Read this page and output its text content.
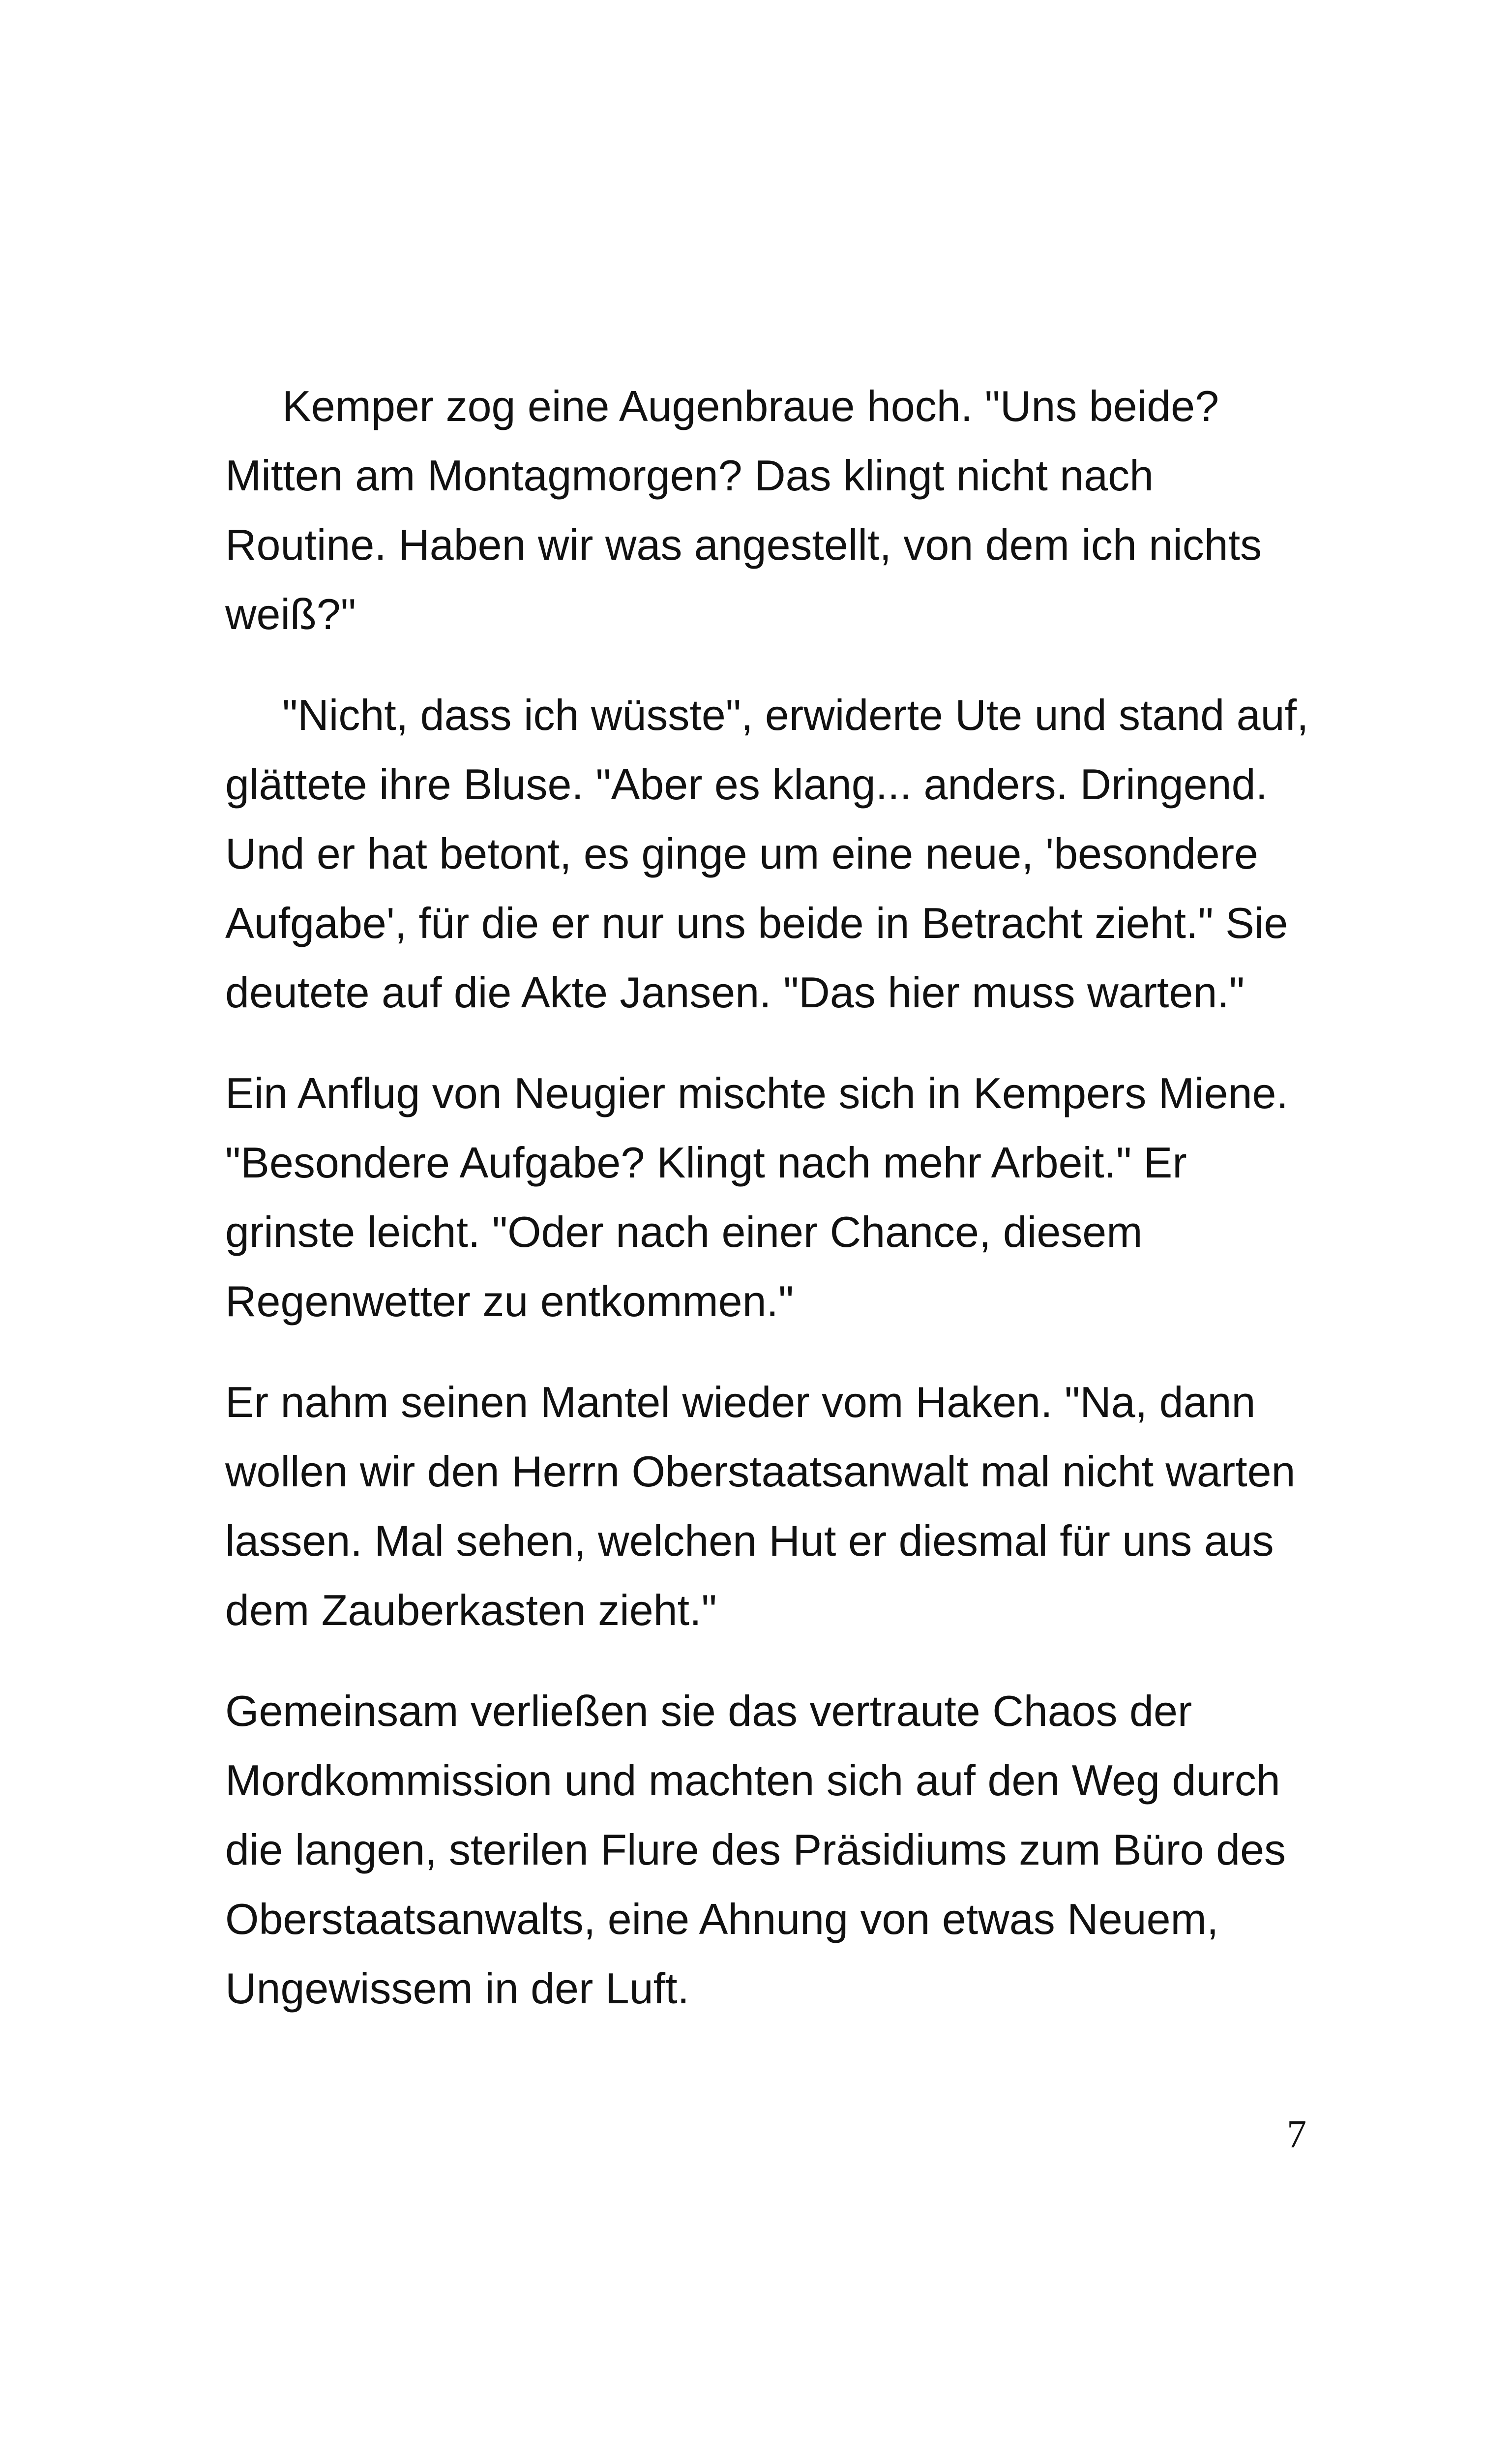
Kemper zog eine Augenbraue hoch. "Uns beide? Mitten am Montagmorgen? Das klingt nicht nach Routine. Haben wir was angestellt, von dem ich nichts weiß?"

"Nicht, dass ich wüsste", erwiderte Ute und stand auf, glättete ihre Bluse. "Aber es klang... anders. Dringend. Und er hat betont, es ginge um eine neue, 'besondere Aufgabe', für die er nur uns beide in Betracht zieht." Sie deutete auf die Akte Jansen. "Das hier muss warten."

Ein Anflug von Neugier mischte sich in Kempers Miene. "Besondere Aufgabe? Klingt nach mehr Arbeit." Er grinste leicht. "Oder nach einer Chance, diesem Regenwetter zu entkommen."

Er nahm seinen Mantel wieder vom Haken. "Na, dann wollen wir den Herrn Oberstaatsanwalt mal nicht warten lassen. Mal sehen, welchen Hut er diesmal für uns aus dem Zauberkasten zieht."

Gemeinsam verließen sie das vertraute Chaos der Mordkommission und machten sich auf den Weg durch die langen, sterilen Flure des Präsidiums zum Büro des Oberstaatsanwalts, eine Ahnung von etwas Neuem, Ungewissem in der Luft.

7
